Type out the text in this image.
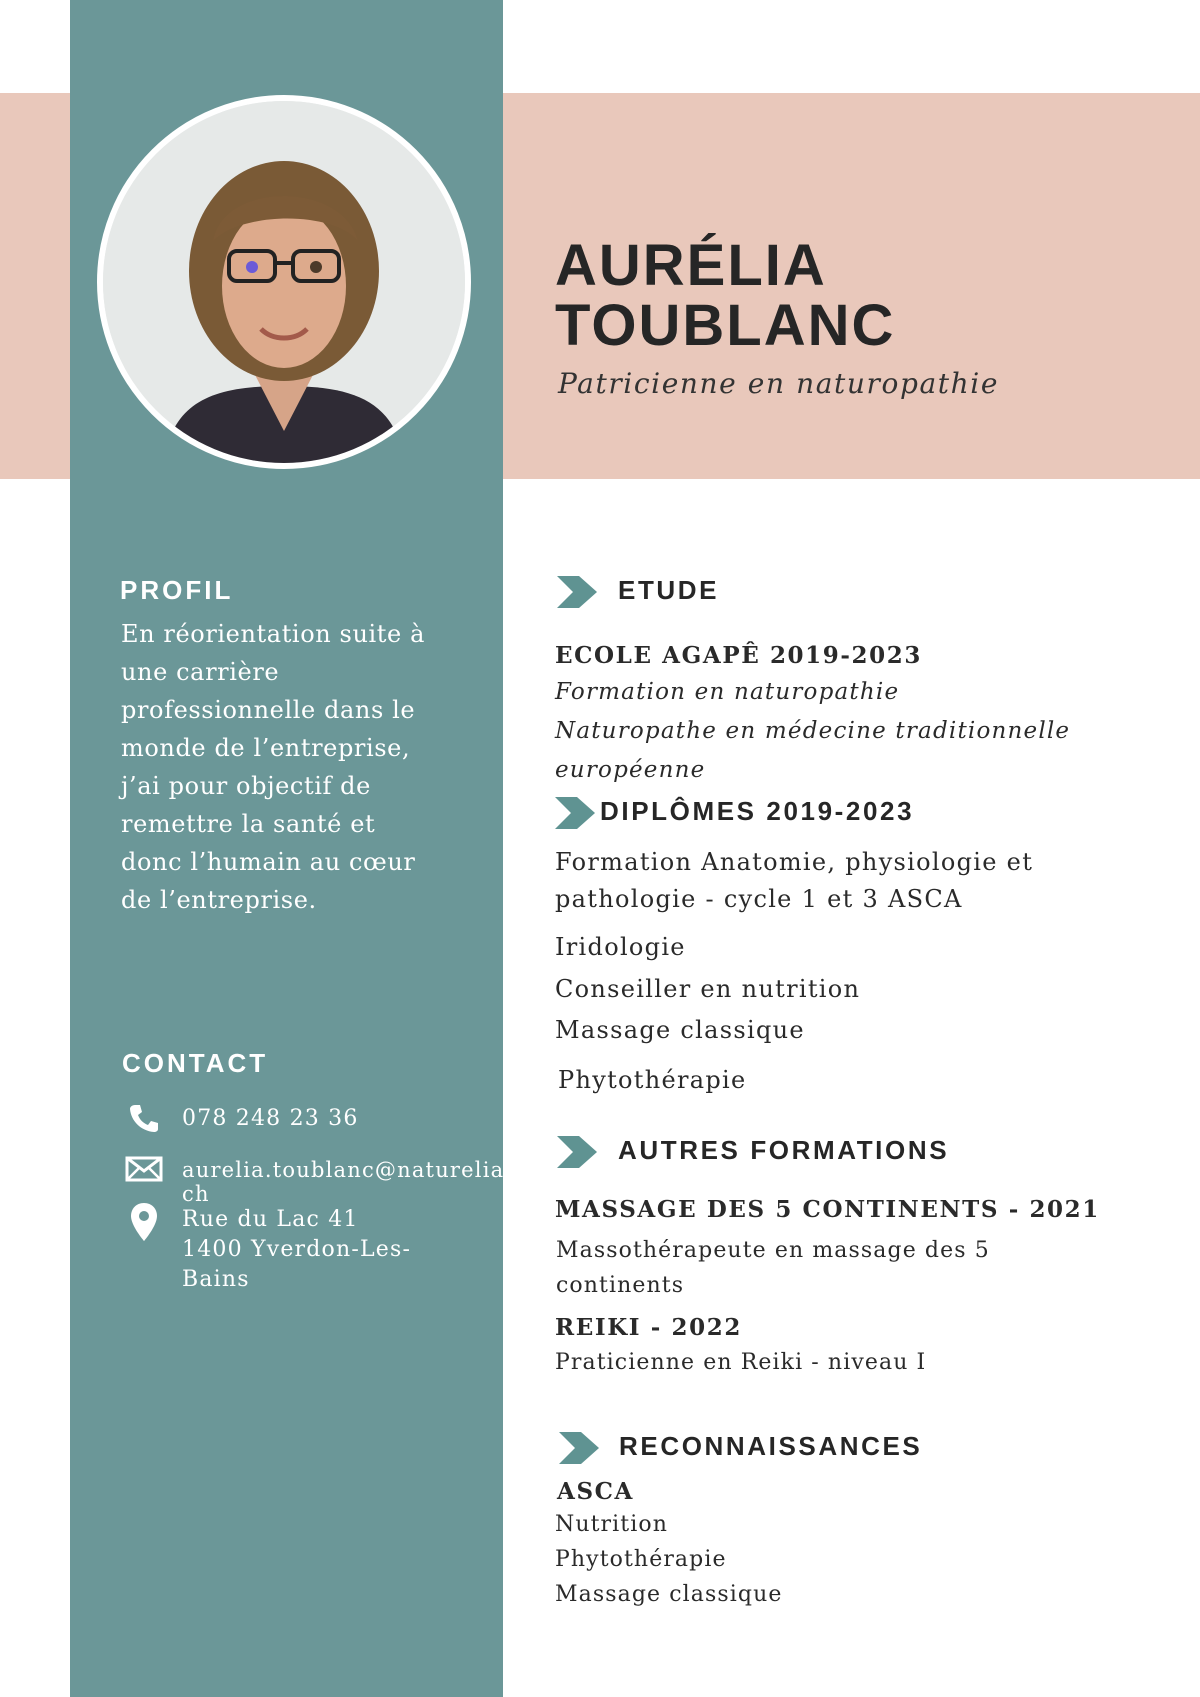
AURÉLIA
TOUBLANC
Patricienne en naturopathie
PROFIL
En réorientation suite à
une carrière
professionnelle dans le
monde de l’entreprise,
j’ai pour objectif de
remettre la santé et
donc l’humain au cœur
de l’entreprise.
CONTACT
078 248 23 36
aurelia.toublanc@naturelia.
ch
Rue du Lac 41
1400 Yverdon-Les-
Bains
ETUDE
ECOLE AGAPÊ 2019-2023
Formation en naturopathie
Naturopathe en médecine traditionnelle
européenne
DIPLÔMES 2019-2023
Formation Anatomie, physiologie et
pathologie - cycle 1 et 3 ASCA
Iridologie
Conseiller en nutrition
Massage classique
Phytothérapie
AUTRES FORMATIONS
MASSAGE DES 5 CONTINENTS - 2021
Massothérapeute en massage des 5
continents
REIKI - 2022
Praticienne en Reiki - niveau I
RECONNAISSANCES
ASCA
Nutrition
Phytothérapie
Massage classique
